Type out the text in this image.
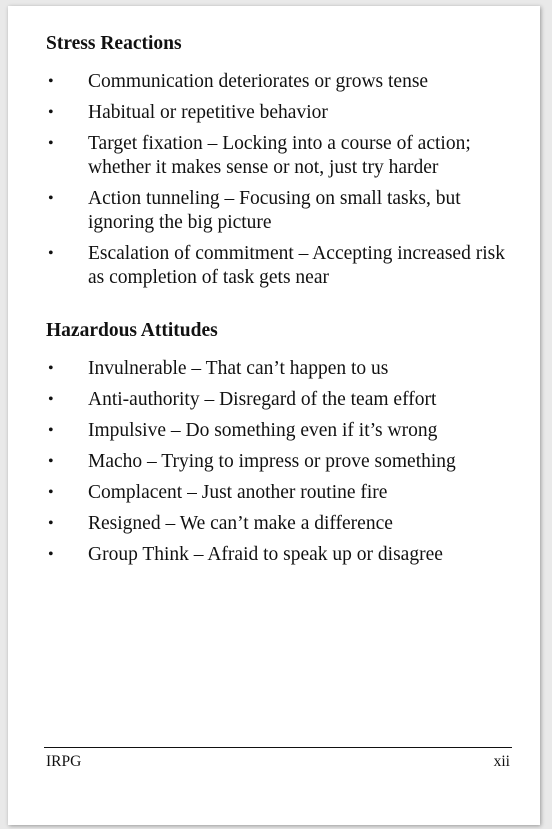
Stress Reactions
• Communication deteriorates or grows tense
• Habitual or repetitive behavior
• Target fixation – Locking into a course of action; whether it makes sense or not, just try harder
• Action tunneling – Focusing on small tasks, but ignoring the big picture
• Escalation of commitment – Accepting increased risk as completion of task gets near
Hazardous Attitudes
• Invulnerable – That can’t happen to us
• Anti-authority – Disregard of the team effort
• Impulsive – Do something even if it’s wrong
• Macho – Trying to impress or prove something
• Complacent – Just another routine fire
• Resigned – We can’t make a difference
• Group Think – Afraid to speak up or disagree
IRPG	xii
